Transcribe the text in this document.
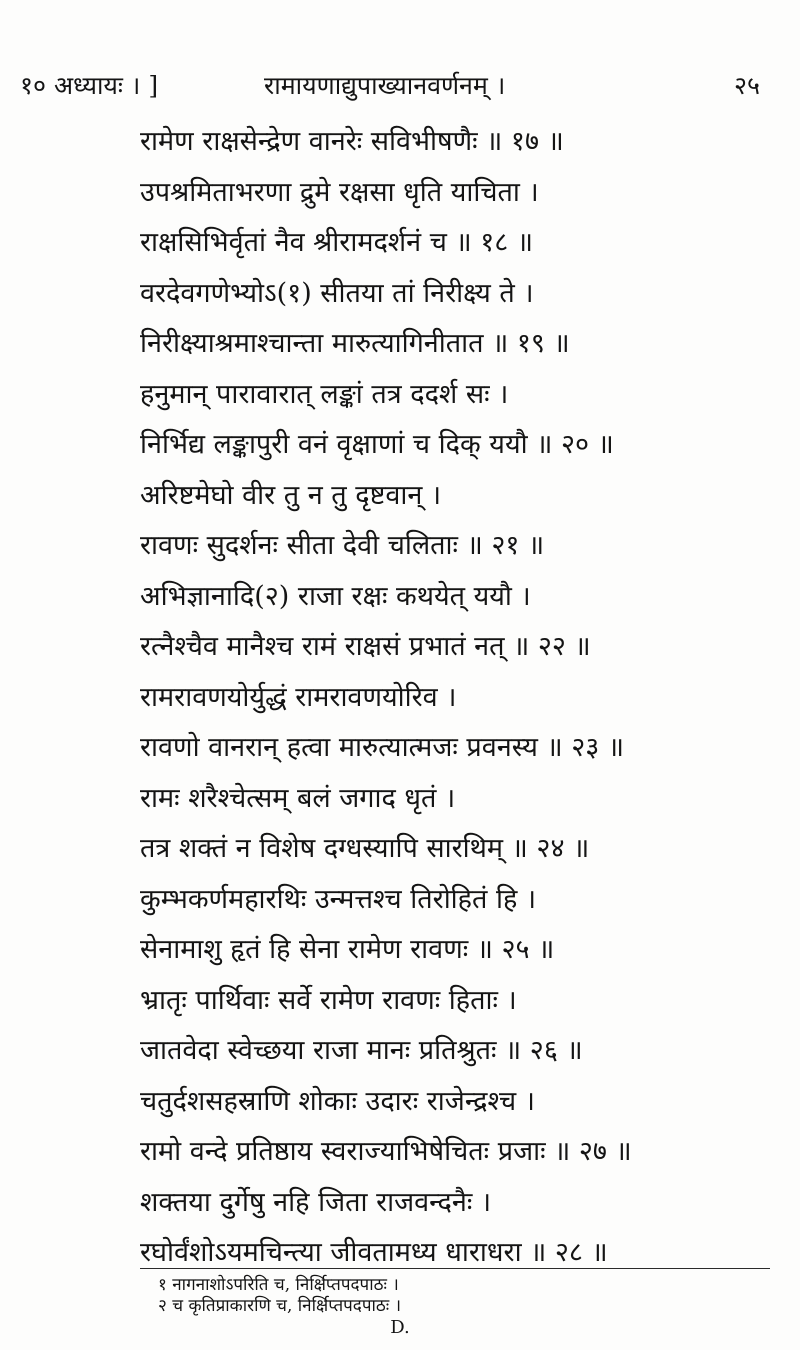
१० अध्यायः । ]	रामायणाद्युपाख्यानवर्णनम् ।	२५
रामेण राक्षसेन्द्रेण वानरेः सविभीषणैः ॥ १७ ॥
उपश्रमिताभरणा द्रुमे रक्षसा धृति याचिता ।
राक्षसिभिर्वृतां नैव श्रीरामदर्शनं च ॥ १८ ॥
वरदेवगणेभ्योऽ(१) सीतया तां निरीक्ष्य ते ।
निरीक्ष्याश्रमाश्चान्ता मारुत्यागिनीतात ॥ १९ ॥
हनुमान् पारावारात् लङ्कां तत्र ददर्श सः ।
निर्भिद्य लङ्कापुरी वनं वृक्षाणां च दिक् ययौ ॥ २० ॥
अरिष्टमेघो वीर तु न तु दृष्टवान् ।
रावणः सुदर्शनः सीता देवी चलिताः ॥ २१ ॥
अभिज्ञानादि(२) राजा रक्षः कथयेत् ययौ ।
रत्नैश्चैव मानैश्च रामं राक्षसं प्रभातं नत् ॥ २२ ॥
रामरावणयोर्युद्धं रामरावणयोरिव ।
रावणो वानरान् हत्वा मारुत्यात्मजः प्रवनस्य ॥ २३ ॥
रामः शरैश्चेत्सम् बलं जगाद धृतं ।
तत्र शक्तं न विशेष दग्धस्यापि सारथिम् ॥ २४ ॥
कुम्भकर्णमहारथिः उन्मत्तश्च तिरोहितं हि ।
सेनामाशु हृतं हि सेना रामेण रावणः ॥ २५ ॥
भ्रातृः पार्थिवाः सर्वे रामेण रावणः हिताः ।
जातवेदा स्वेच्छया राजा मानः प्रतिश्रुतः ॥ २६ ॥
चतुर्दशसहस्राणि शोकाः उदारः राजेन्द्रश्च ।
रामो वन्दे प्रतिष्ठाय स्वराज्याभिषेचितः प्रजाः ॥ २७ ॥
शक्तया दुर्गेषु नहि जिता राजवन्दनैः ।
रघोर्वंशोऽयमचिन्त्या जीवतामध्य धाराधरा ॥ २८ ॥
१ नागनाशोऽपरिति च, निर्क्षिप्तपदपाठः ।
२ च कृतिप्राकारणि च, निर्क्षिप्तपदपाठः ।
D.
